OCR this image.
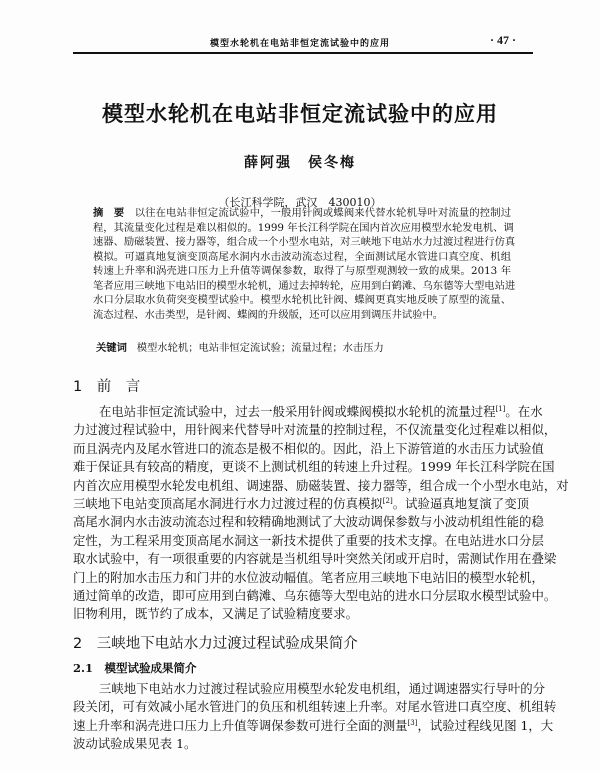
模型水轮机在电站非恒定流试验中的应用	· 47 ·
模型水轮机在电站非恒定流试验中的应用
薛阿强　侯冬梅
（长江科学院，武汉　430010）
摘　要 以往在电站非恒定流试验中，一般用针阀或蝶阀来代替水轮机导叶对流量的控制过
程，其流量变化过程是难以相似的。1999 年长江科学院在国内首次应用模型水轮发电机、调
速器、励磁装置、接力器等，组合成一个小型水电站，对三峡地下电站水力过渡过程进行仿真
模拟。可逼真地复演变顶高尾水洞内水击波动流态过程，全面测试尾水管进口真空度、机组
转速上升率和涡壳进口压力上升值等调保参数，取得了与原型观测较一致的成果。2013 年
笔者应用三峡地下电站旧的模型水轮机，通过去掉转轮，应用到白鹤滩、乌东德等大型电站进
水口分层取水负荷突变模型试验中。模型水轮机比针阀、蝶阀更真实地反映了原型的流量、
流态过程、水击类型，是针阀、蝶阀的升级版，还可以应用到调压井试验中。
关键词 模型水轮机；电站非恒定流试验；流量过程；水击压力
1　前　言
在电站非恒定流试验中，过去一般采用针阀或蝶阀模拟水轮机的流量过程[1]。在水
力过渡过程试验中，用针阀来代替导叶对流量的控制过程，不仅流量变化过程难以相似，
而且涡壳内及尾水管进口的流态是极不相似的。因此，沿上下游管道的水击压力试验值
难于保证具有较高的精度，更谈不上测试机组的转速上升过程。1999 年长江科学院在国
内首次应用模型水轮发电机组、调速器、励磁装置、接力器等，组合成一个小型水电站，对
三峡地下电站变顶高尾水洞进行水力过渡过程的仿真模拟[2]。试验逼真地复演了变顶
高尾水洞内水击波动流态过程和较精确地测试了大波动调保参数与小波动机组性能的稳
定性，为工程采用变顶高尾水洞这一新技术提供了重要的技术支撑。在电站进水口分层
取水试验中，有一项很重要的内容就是当机组导叶突然关闭或开启时，需测试作用在叠梁
门上的附加水击压力和门井的水位波动幅值。笔者应用三峡地下电站旧的模型水轮机，
通过简单的改造，即可应用到白鹤滩、乌东德等大型电站的进水口分层取水模型试验中。
旧物利用，既节约了成本，又满足了试验精度要求。
2　三峡地下电站水力过渡过程试验成果简介
2.1　模型试验成果简介
三峡地下电站水力过渡过程试验应用模型水轮发电机组，通过调速器实行导叶的分
段关闭，可有效减小尾水管进门的负压和机组转速上升率。对尾水管进口真空度、机组转
速上升率和涡壳进口压力上升值等调保参数可进行全面的测量[3]，试验过程线见图 1，大
波动试验成果见表 1。
